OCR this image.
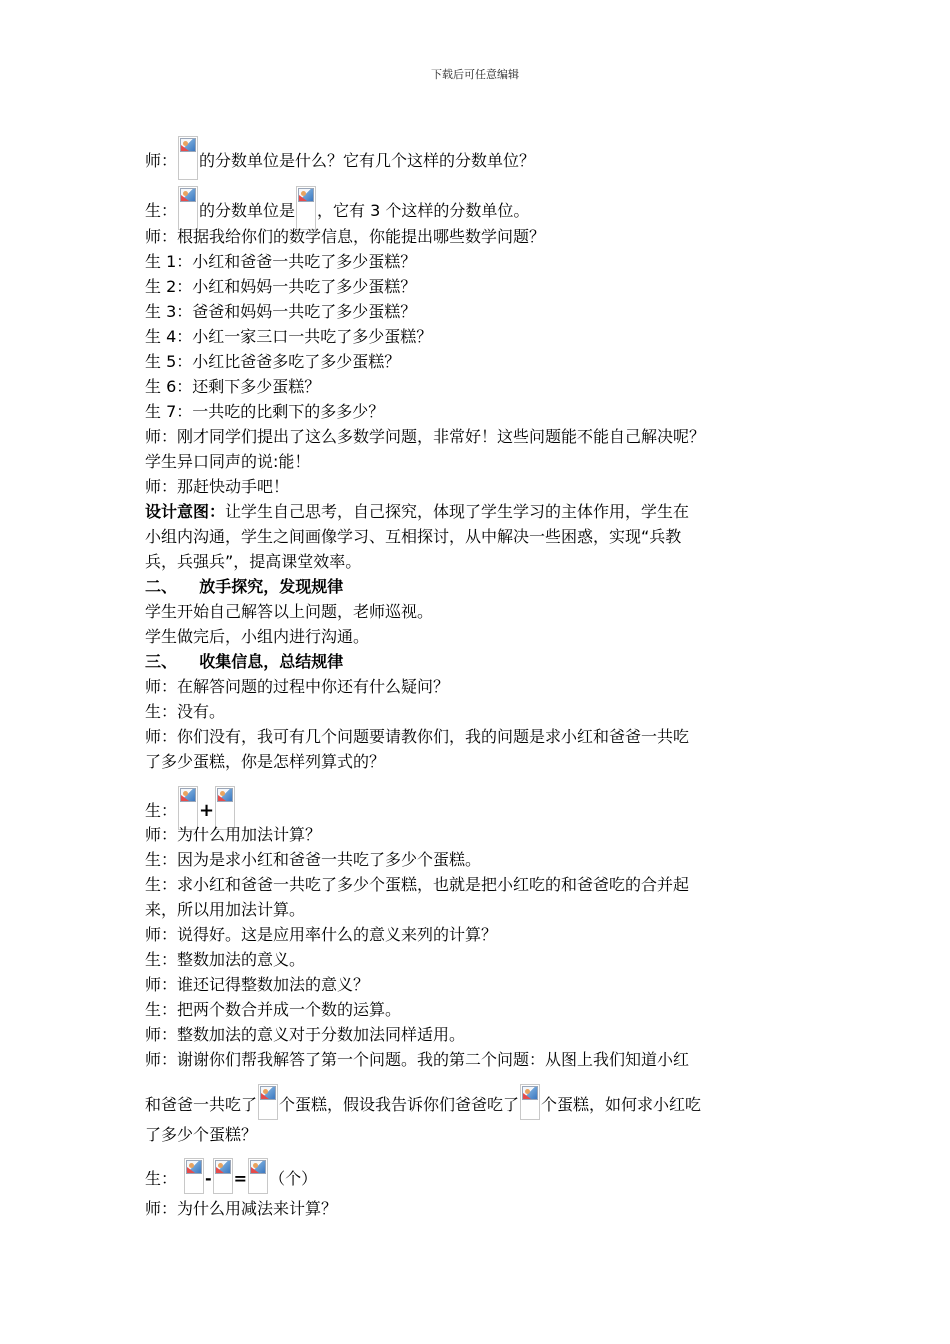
下载后可任意编辑
师： 的分数单位是什么？它有几个这样的分数单位？
生： 的分数单位是 ，它有 3 个这样的分数单位。
师：根据我给你们的数学信息，你能提出哪些数学问题？
生 1：小红和爸爸一共吃了多少蛋糕？
生 2：小红和妈妈一共吃了多少蛋糕？
生 3：爸爸和妈妈一共吃了多少蛋糕？
生 4：小红一家三口一共吃了多少蛋糕？
生 5：小红比爸爸多吃了多少蛋糕？
生 6：还剩下多少蛋糕？
生 7：一共吃的比剩下的多多少？
师：刚才同学们提出了这么多数学问题，非常好！这些问题能不能自己解决呢？
学生异口同声的说:能！
师：那赶快动手吧！
设计意图：让学生自己思考，自己探究，体现了学生学习的主体作用，学生在
小组内沟通，学生之间画像学习、互相探讨，从中解决一些困惑，实现“兵教
兵，兵强兵”，提高课堂效率。
二、    放手探究，发现规律
学生开始自己解答以上问题，老师巡视。
学生做完后，小组内进行沟通。
三、    收集信息，总结规律
师：在解答问题的过程中你还有什么疑问？
生：没有。
师：你们没有，我可有几个问题要请教你们，我的问题是求小红和爸爸一共吃
了多少蛋糕，你是怎样列算式的？
生： +
师：为什么用加法计算？
生：因为是求小红和爸爸一共吃了多少个蛋糕。
生：求小红和爸爸一共吃了多少个蛋糕，也就是把小红吃的和爸爸吃的合并起
来，所以用加法计算。
师：说得好。这是应用率什么的意义来列的计算？
生：整数加法的意义。
师：谁还记得整数加法的意义？
生：把两个数合并成一个数的运算。
师：整数加法的意义对于分数加法同样适用。
师：谢谢你们帮我解答了第一个问题。我的第二个问题：从图上我们知道小红
和爸爸一共吃了 个蛋糕，假设我告诉你们爸爸吃了 个蛋糕，如何求小红吃
了多少个蛋糕？
生： - = （个）
师：为什么用减法来计算？
